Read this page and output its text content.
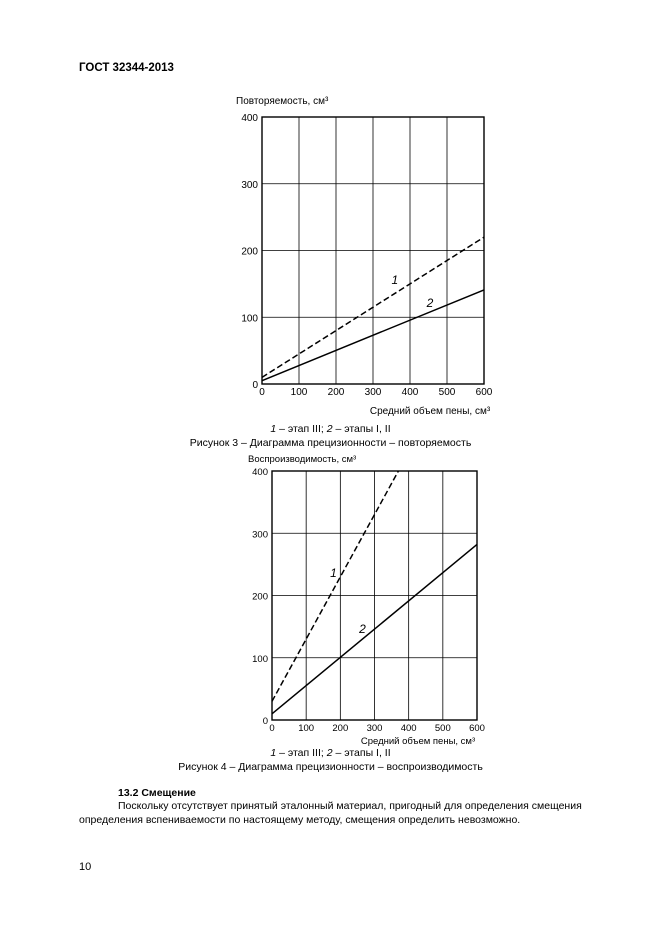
ГОСТ 32344-2013
0	100 200 300 400 500 600
0
100
200
300
400
1
2
Повторяемость, см³
Средний объем пены, см³
0 100 200 300 400 500 600
0
100
200
300
400
1
2
Воспроизводимость, см³
Средний объем пены, см³
1 – этап III; 2 – этапы I, II
Рисунок 3 – Диаграмма прецизионности – повторяемость
1 – этап III; 2 – этапы I, II
Рисунок 4 – Диаграмма прецизионности – воспроизводимость
13.2 Смещение
Поскольку отсутствует принятый эталонный материал, пригодный для определения смещения определения вспениваемости по настоящему методу, смещения определить невозможно.
10
